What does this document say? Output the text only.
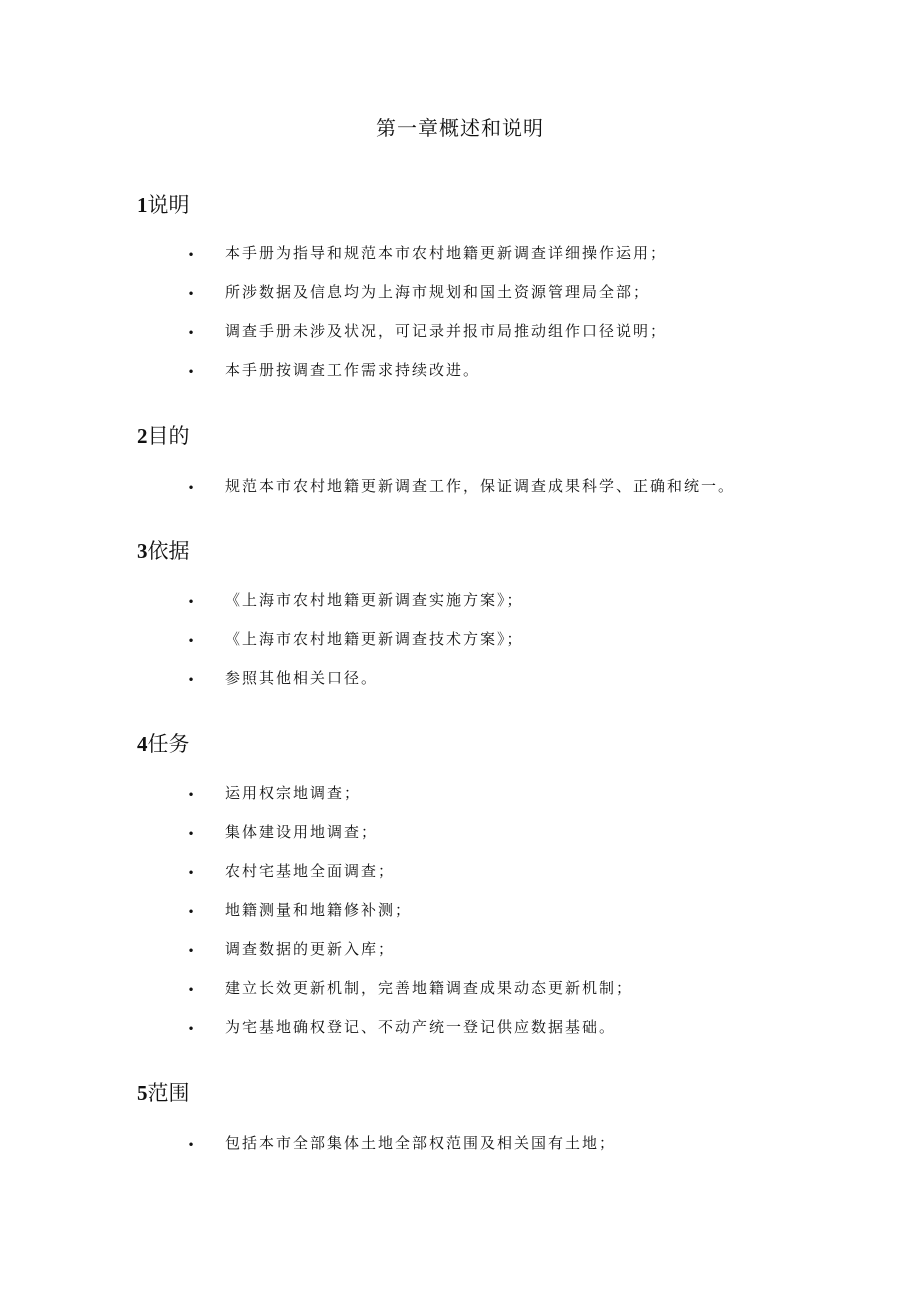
第一章概述和说明
1说明
• 本手册为指导和规范本市农村地籍更新调查详细操作运用；
• 所涉数据及信息均为上海市规划和国土资源管理局全部；
• 调查手册未涉及状况，可记录并报市局推动组作口径说明；
• 本手册按调查工作需求持续改进。
2目的
• 规范本市农村地籍更新调查工作，保证调查成果科学、正确和统一。
3依据
• 《上海市农村地籍更新调查实施方案》；
• 《上海市农村地籍更新调查技术方案》；
• 参照其他相关口径。
4任务
• 运用权宗地调查；
• 集体建设用地调查；
• 农村宅基地全面调查；
• 地籍测量和地籍修补测；
• 调查数据的更新入库；
• 建立长效更新机制，完善地籍调查成果动态更新机制；
• 为宅基地确权登记、不动产统一登记供应数据基础。
5范围
• 包括本市全部集体土地全部权范围及相关国有土地；
